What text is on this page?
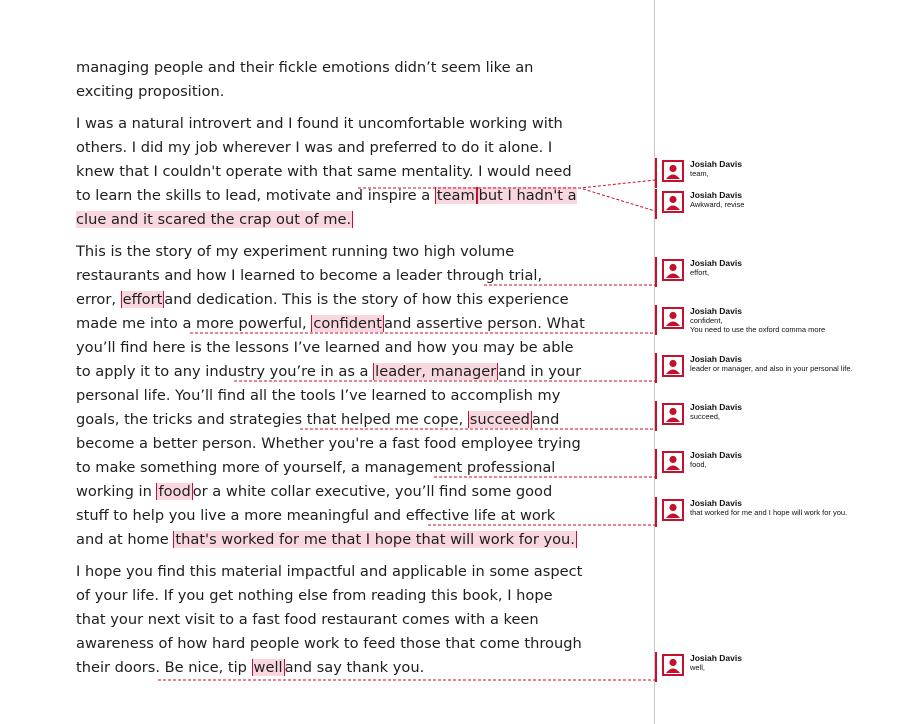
managing people and their fickle emotions didn’t seem like an exciting proposition.

I was a natural introvert and I found it uncomfortable working with others. I did my job wherever I was and preferred to do it alone. I knew that I couldn't operate with that same mentality. I would need to learn the skills to lead, motivate and inspire a team but I hadn't a clue and it scared the crap out of me.

This is the story of my experiment running two high volume restaurants and how I learned to become a leader through trial, error, effort and dedication. This is the story of how this experience made me into a more powerful, confident and assertive person. What you’ll find here is the lessons I’ve learned and how you may be able to apply it to any industry you’re in as a leader, manager and in your personal life. You’ll find all the tools I’ve learned to accomplish my goals, the tricks and strategies that helped me cope, succeed and become a better person. Whether you're a fast food employee trying to make something more of yourself, a management professional working in food or a white collar executive, you’ll find some good stuff to help you live a more meaningful and effective life at work and at home that's worked for me that I hope that will work for you.

I hope you find this material impactful and applicable in some aspect of your life. If you get nothing else from reading this book, I hope that your next visit to a fast food restaurant comes with a keen awareness of how hard people work to feed those that come through their doors. Be nice, tip well and say thank you.

Josiah Davis
team,
Josiah Davis
Awkward, revise
Josiah Davis
effort,
Josiah Davis
confident,
You need to use the oxford comma more
Josiah Davis
leader or manager, and also in your personal life.
Josiah Davis
succeed,
Josiah Davis
food,
Josiah Davis
that worked for me and I hope will work for you.
Josiah Davis
well,
